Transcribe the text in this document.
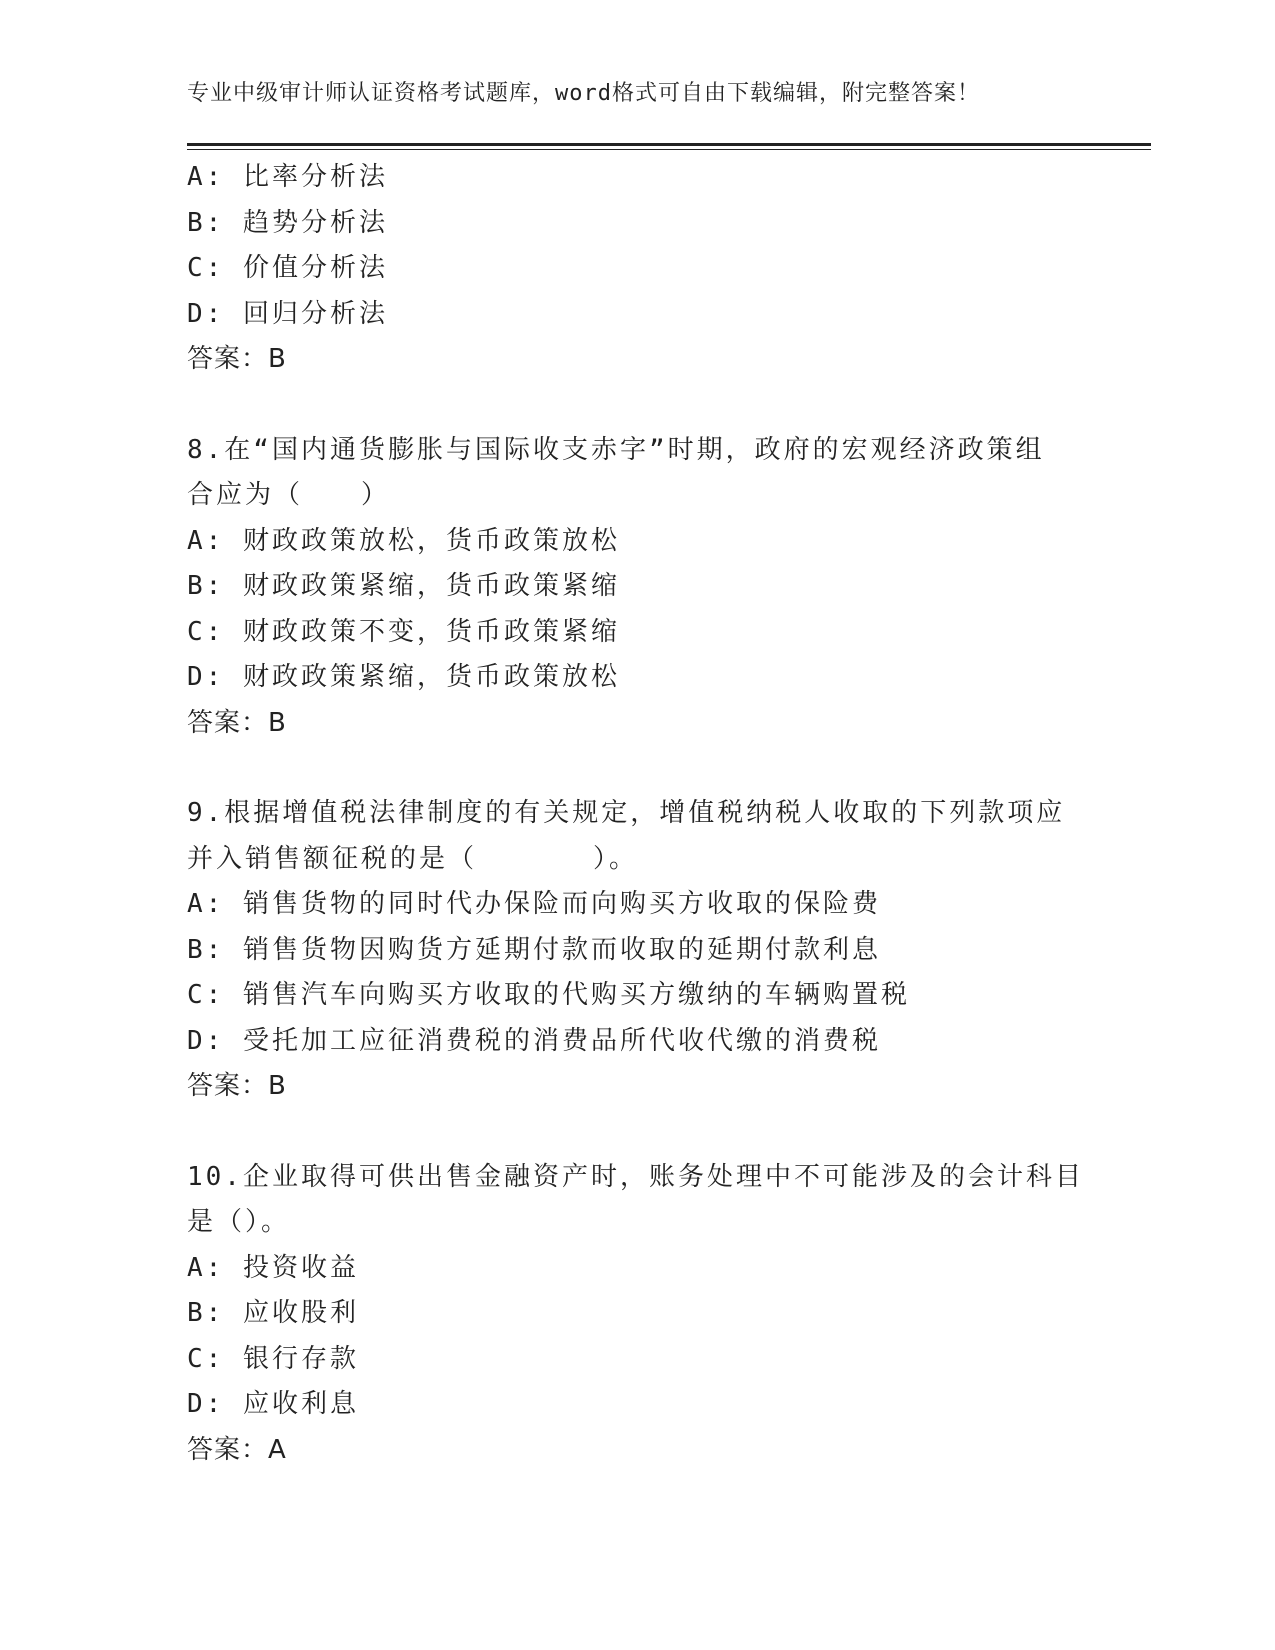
专业中级审计师认证资格考试题库，word格式可自由下载编辑，附完整答案！
A: 比率分析法
B: 趋势分析法
C: 价值分析法
D: 回归分析法
答案：B
8.在“国内通货膨胀与国际收支赤字”时期，政府的宏观经济政策组
合应为（　　）
A: 财政政策放松，货币政策放松
B: 财政政策紧缩，货币政策紧缩
C: 财政政策不变，货币政策紧缩
D: 财政政策紧缩，货币政策放松
答案：B
9.根据增值税法律制度的有关规定，增值税纳税人收取的下列款项应
并入销售额征税的是（　　　　）。
A: 销售货物的同时代办保险而向购买方收取的保险费
B: 销售货物因购货方延期付款而收取的延期付款利息
C: 销售汽车向购买方收取的代购买方缴纳的车辆购置税
D: 受托加工应征消费税的消费品所代收代缴的消费税
答案：B
10.企业取得可供出售金融资产时，账务处理中不可能涉及的会计科目
是（）。
A: 投资收益
B: 应收股利
C: 银行存款
D: 应收利息
答案：A
